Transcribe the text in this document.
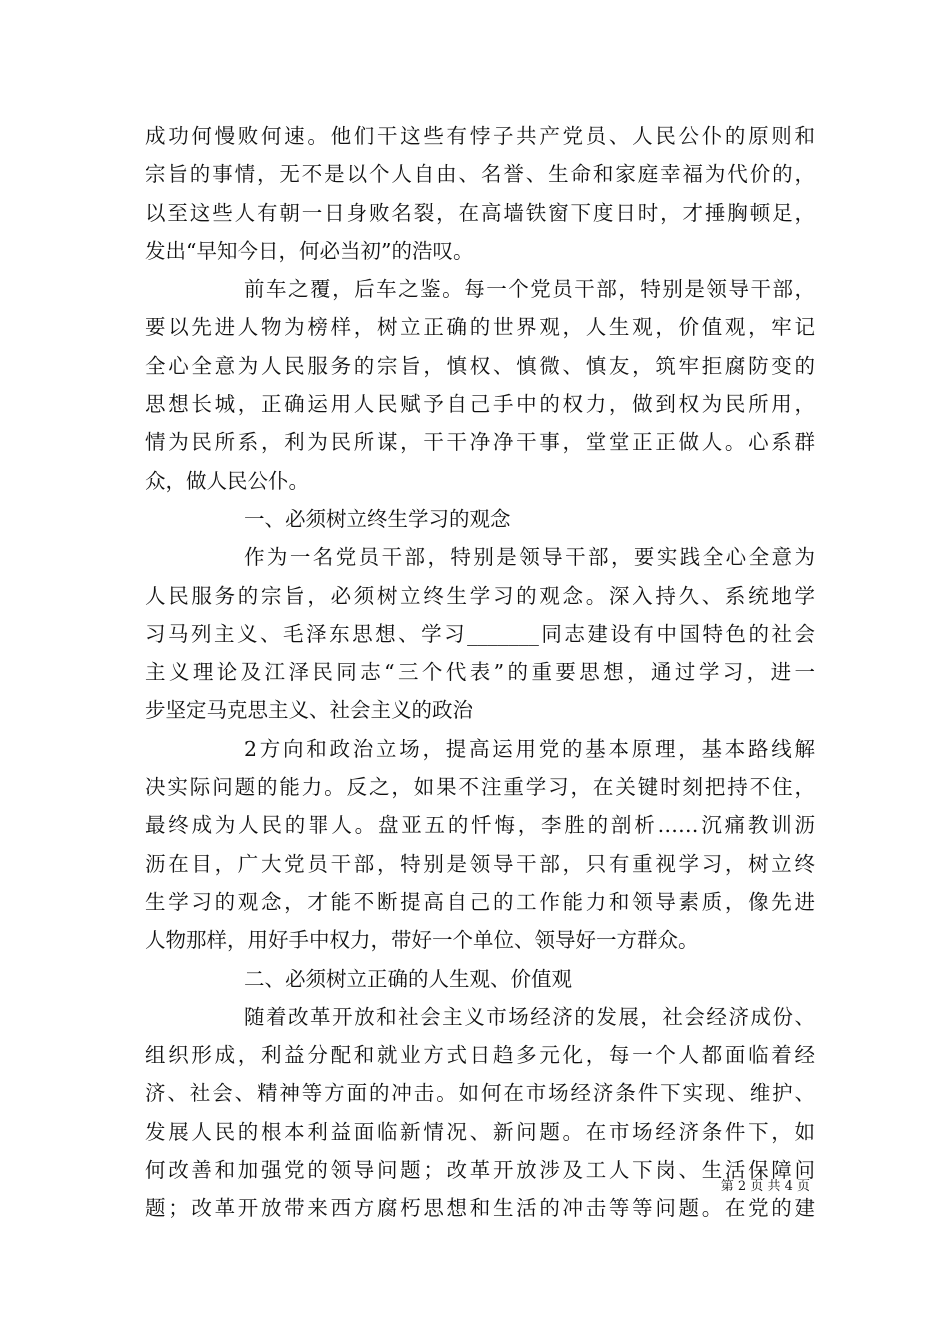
成功何慢败何速。他们干这些有悖子共产党员、人民公仆的原则和
宗旨的事情，无不是以个人自由、名誉、生命和家庭幸福为代价的，
以至这些人有朝一日身败名裂，在高墙铁窗下度日时，才捶胸顿足，
发出“早知今日，何必当初”的浩叹。
前车之覆，后车之鉴。每一个党员干部，特别是领导干部，
要以先进人物为榜样，树立正确的世界观，人生观，价值观，牢记
全心全意为人民服务的宗旨，慎权、慎微、慎友，筑牢拒腐防变的
思想长城，正确运用人民赋予自己手中的权力，做到权为民所用，
情为民所系，利为民所谋，干干净净干事，堂堂正正做人。心系群
众，做人民公仆。
一、必须树立终生学习的观念
作为一名党员干部，特别是领导干部，要实践全心全意为
人民服务的宗旨，必须树立终生学习的观念。深入持久、系统地学
习马列主义、毛泽东思想、学习_______同志建设有中国特色的社会
主义理论及江泽民同志“三个代表”的重要思想，通过学习，进一
步坚定马克思主义、社会主义的政治
2方向和政治立场，提高运用党的基本原理，基本路线解
决实际问题的能力。反之，如果不注重学习，在关键时刻把持不住，
最终成为人民的罪人。盘亚五的忏悔，李胜的剖析……沉痛教训沥
沥在目，广大党员干部，特别是领导干部，只有重视学习，树立终
生学习的观念，才能不断提高自己的工作能力和领导素质，像先进
人物那样，用好手中权力，带好一个单位、领导好一方群众。
二、必须树立正确的人生观、价值观
随着改革开放和社会主义市场经济的发展，社会经济成份、
组织形成，利益分配和就业方式日趋多元化，每一个人都面临着经
济、社会、精神等方面的冲击。如何在市场经济条件下实现、维护、
发展人民的根本利益面临新情况、新问题。在市场经济条件下，如
何改善和加强党的领导问题；改革开放涉及工人下岗、生活保障问
题；改革开放带来西方腐朽思想和生活的冲击等等问题。在党的建
第 2 页 共 4 页
